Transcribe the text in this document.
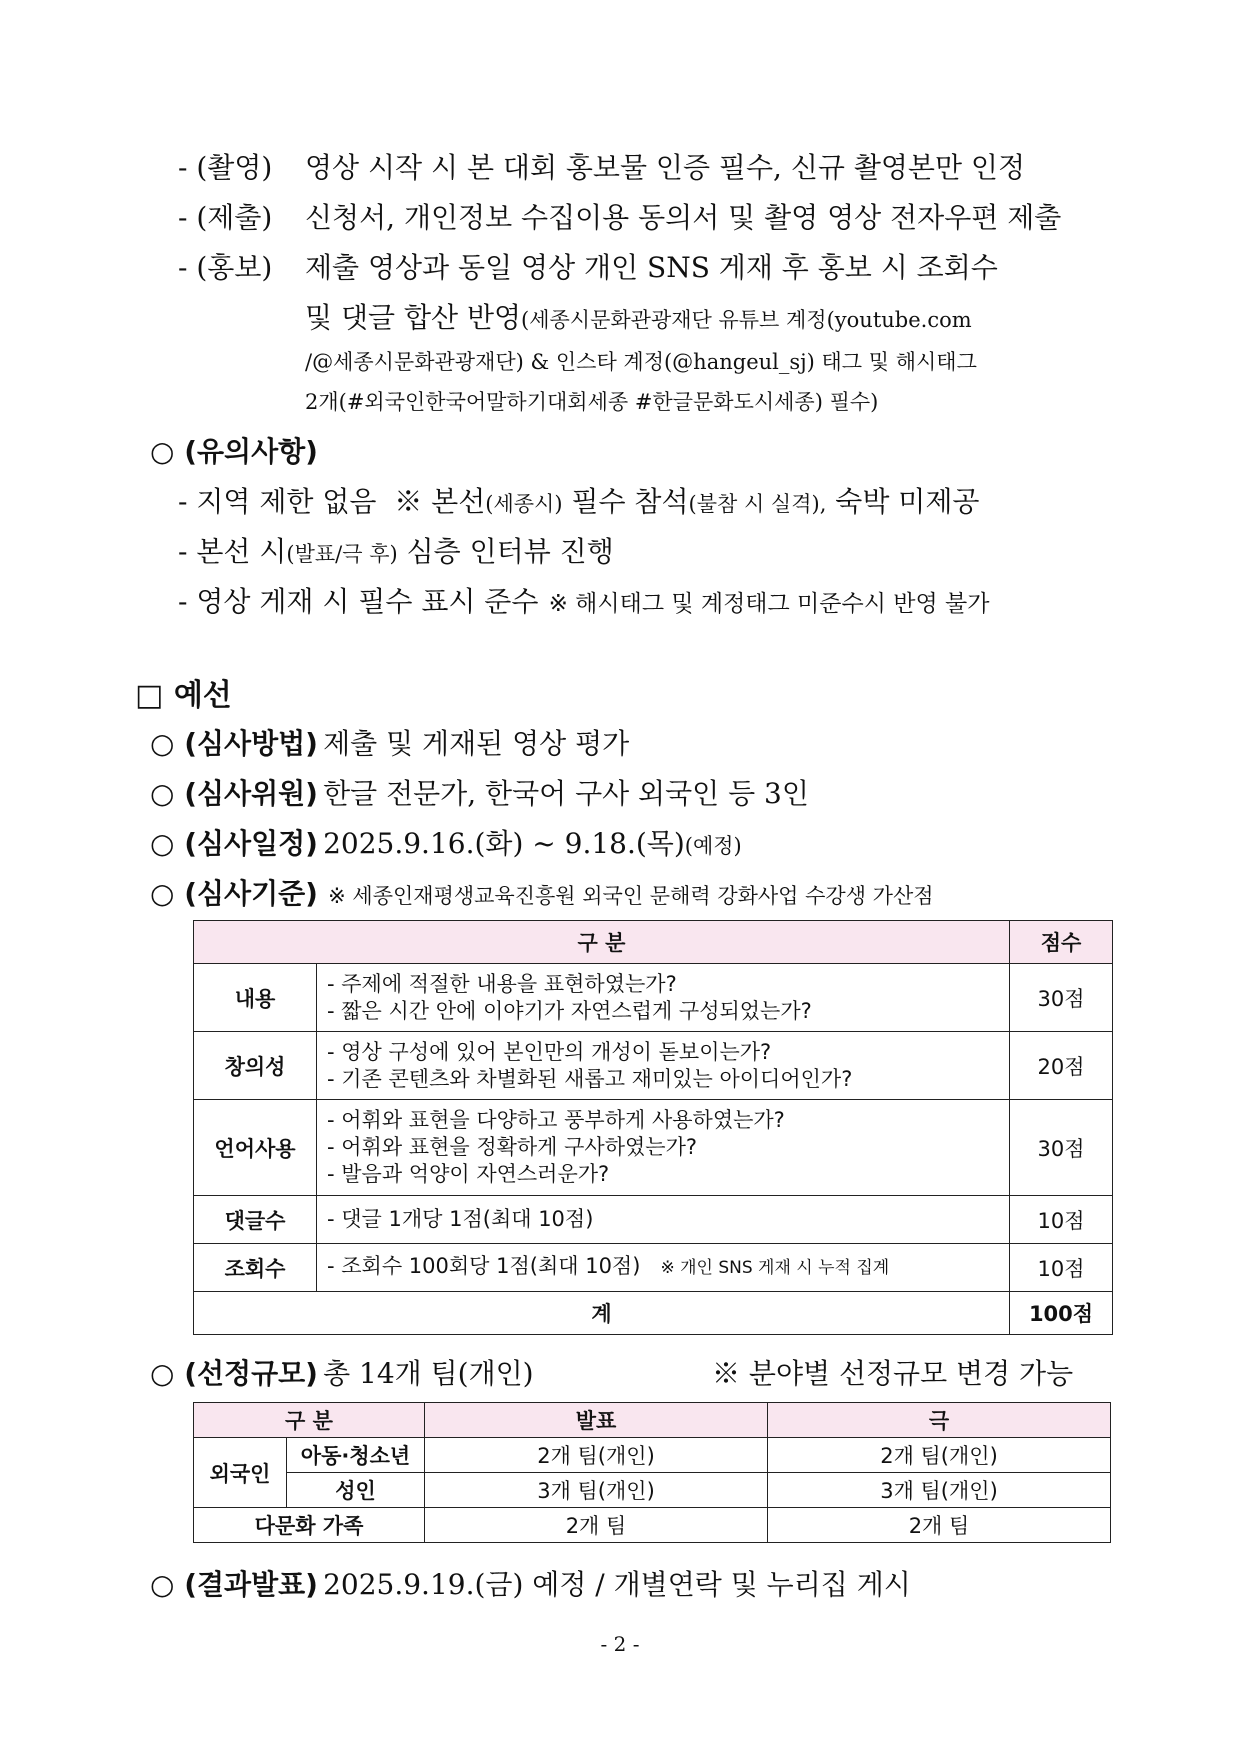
- (촬영)	영상 시작 시 본 대회 홍보물 인증 필수, 신규 촬영본만 인정
- (제출) 신청서, 개인정보 수집이용 동의서 및 촬영 영상 전자우편 제출
- (홍보) 제출 영상과 동일 영상 개인 SNS 게재 후 홍보 시 조회수
및 댓글 합산 반영(세종시문화관광재단 유튜브 계정(youtube.com
/@세종시문화관광재단) & 인스타 계정(@hangeul_sj) 태그 및 해시태그
2개(#외국인한국어말하기대회세종 #한글문화도시세종) 필수)
○ (유의사항)
- 지역 제한 없음 ※ 본선(세종시) 필수 참석(불참 시 실격), 숙박 미제공
- 본선 시(발표/극 후) 심층 인터뷰 진행
- 영상 게재 시 필수 표시 준수 ※ 해시태그 및 계정태그 미준수시 반영 불가
□ 예선
○ (심사방법) 제출 및 게재된 영상 평가
○ (심사위원) 한글 전문가, 한국어 구사 외국인 등 3인
○ (심사일정) 2025.9.16.(화) ~ 9.18.(목)(예정)
○ (심사기준) ※ 세종인재평생교육진흥원 외국인 문해력 강화사업 수강생 가산점
구 분		점수
내용	- 주제에 적절한 내용을 표현하였는가?
- 짧은 시간 안에 이야기가 자연스럽게 구성되었는가?	30점
창의성	- 영상 구성에 있어 본인만의 개성이 돋보이는가?
- 기존 콘텐츠와 차별화된 새롭고 재미있는 아이디어인가?	20점
언어사용	- 어휘와 표현을 다양하고 풍부하게 사용하였는가?
- 어휘와 표현을 정확하게 구사하였는가?
- 발음과 억양이 자연스러운가?	30점
댓글수	- 댓글 1개당 1점(최대 10점)	10점
조회수	- 조회수 100회당 1점(최대 10점) ※ 개인 SNS 게재 시 누적 집계	10점
계		100점
○ (선정규모) 총 14개 팀(개인)	※ 분야별 선정규모 변경 가능
구 분		발표	극
외국인	아동·청소년	2개 팀(개인)	2개 팀(개인)
	성인	3개 팀(개인)	3개 팀(개인)
다문화 가족		2개 팀	2개 팀
○ (결과발표) 2025.9.19.(금) 예정 / 개별연락 및 누리집 게시
- 2 -
